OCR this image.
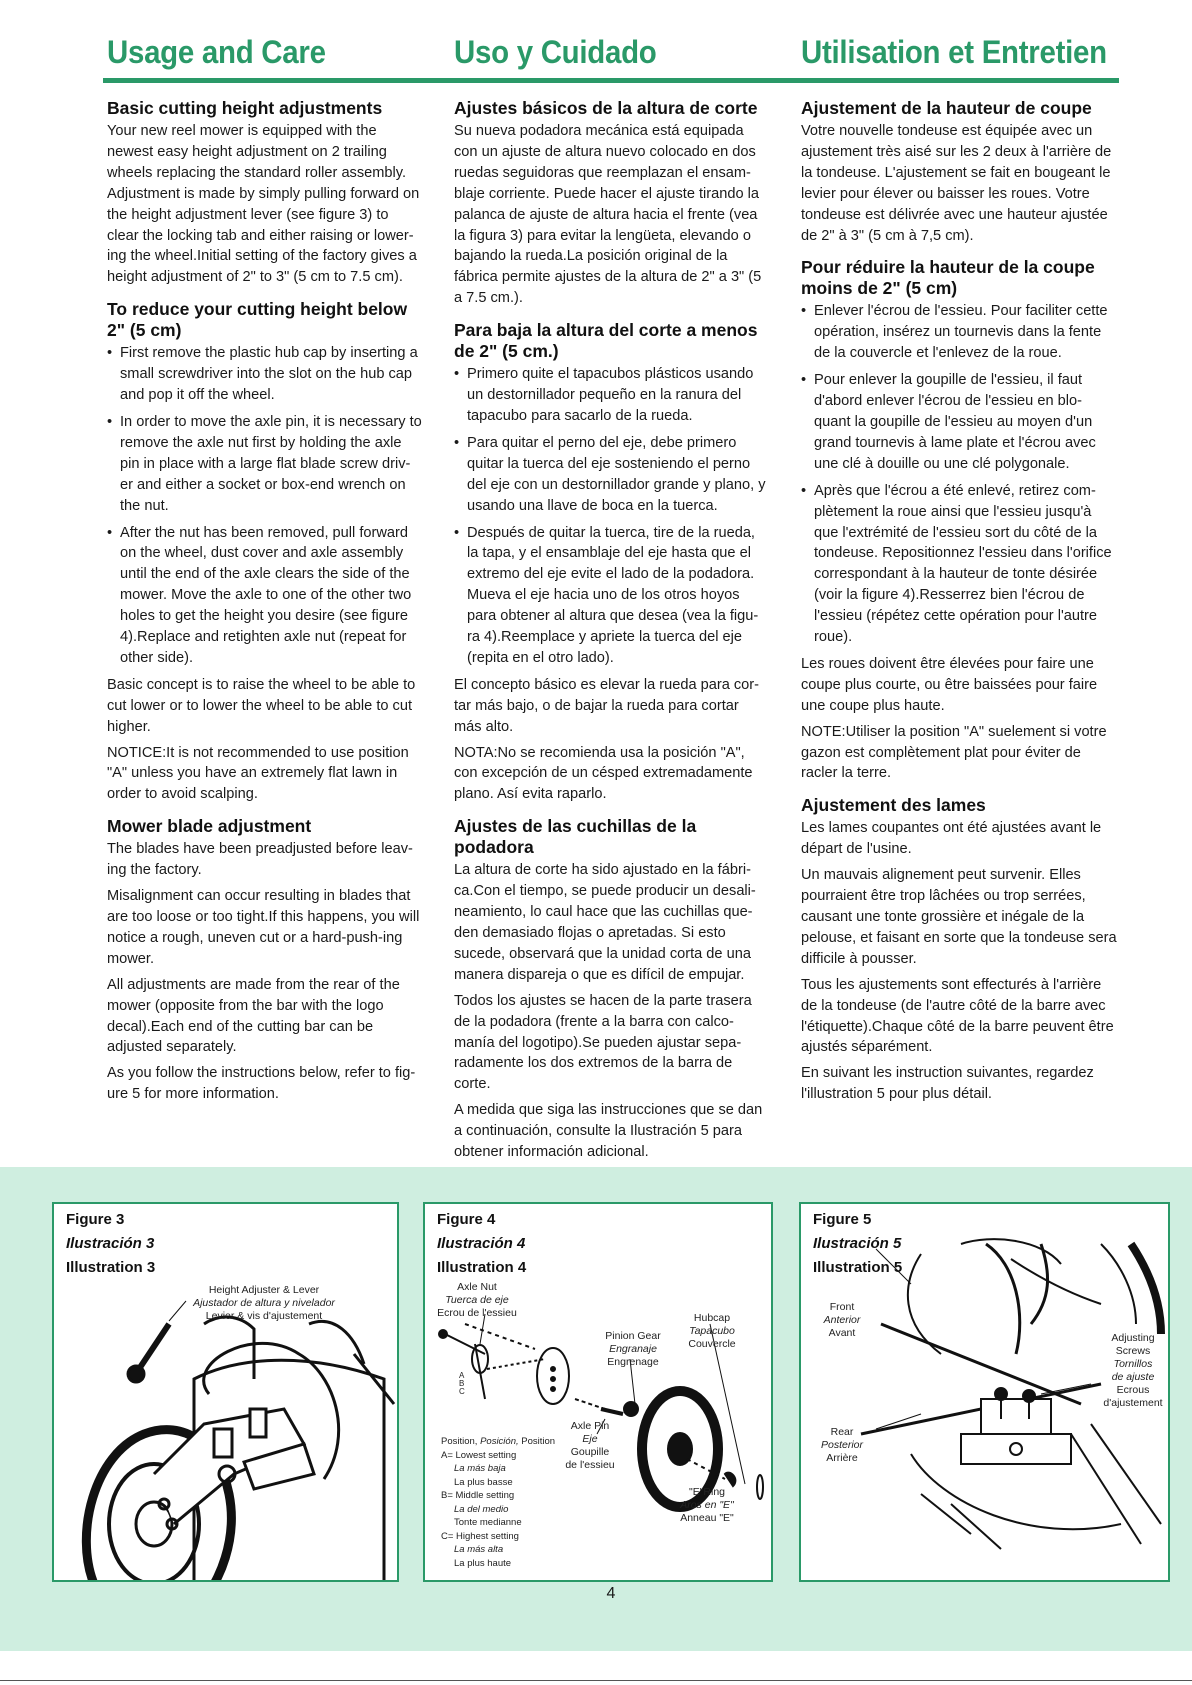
Usage and Care	Uso y Cuidado	Utilisation et Entretien
Basic cutting height adjustments

Your new reel mower is equipped with the newest easy height adjustment on 2 trailing wheels replacing the standard roller assembly. Adjustment is made by simply pulling forward on the height adjustment lever (see figure 3) to clear the locking tab and either raising or lower-ing the wheel.Initial setting of the factory gives a height adjustment of 2" to 3" (5 cm to 7.5 cm).

To reduce your cutting height below 2" (5 cm)
• First remove the plastic hub cap by inserting a small screwdriver into the slot on the hub cap and pop it off the wheel.
• In order to move the axle pin, it is necessary to remove the axle nut first by holding the axle pin in place with a large flat blade screw driv-er and either a socket or box-end wrench on the nut.
• After the nut has been removed, pull forward on the wheel, dust cover and axle assembly until the end of the axle clears the side of the mower. Move the axle to one of the other two holes to get the height you desire (see figure 4).Replace and retighten axle nut (repeat for other side).

Basic concept is to raise the wheel to be able to cut lower or to lower the wheel to be able to cut higher.

NOTICE:It is not recommended to use position "A" unless you have an extremely flat lawn in order to avoid scalping.

Mower blade adjustment

The blades have been preadjusted before leav-ing the factory.

Misalignment can occur resulting in blades that are too loose or too tight.If this happens, you will notice a rough, uneven cut or a hard-push-ing mower.

All adjustments are made from the rear of the mower (opposite from the bar with the logo decal).Each end of the cutting bar can be adjusted separately.

As you follow the instructions below, refer to fig-ure 5 for more information.

Ajustes básicos de la altura de corte

Su nueva podadora mecánica está equipada con un ajuste de altura nuevo colocado en dos ruedas seguidoras que reemplazan el ensam-blaje corriente. Puede hacer el ajuste tirando la palanca de ajuste de altura hacia el frente (vea la figura 3) para evitar la lengüeta, elevando o bajando la rueda.La posición original de la fábrica permite ajustes de la altura de 2" a 3" (5 a 7.5 cm.).

Para baja la altura del corte a menos de 2" (5 cm.)
• Primero quite el tapacubos plásticos usando un destornillador pequeño en la ranura del tapacubo para sacarlo de la rueda.
• Para quitar el perno del eje, debe primero quitar la tuerca del eje sosteniendo el perno del eje con un destornillador grande y plano, y usando una llave de boca en la tuerca.
• Después de quitar la tuerca, tire de la rueda, la tapa, y el ensamblaje del eje hasta que el extremo del eje evite el lado de la podadora. Mueva el eje hacia uno de los otros hoyos para obtener al altura que desea (vea la figu-ra 4).Reemplace y apriete la tuerca del eje (repita en el otro lado).

El concepto básico es elevar la rueda para cor-tar más bajo, o de bajar la rueda para cortar más alto.

NOTA:No se recomienda usa la posición "A", con excepción de un césped extremadamente plano. Así evita raparlo.

Ajustes de las cuchillas de la podadora

La altura de corte ha sido ajustado en la fábri-ca.Con el tiempo, se puede producir un desali-neamiento, lo caul hace que las cuchillas que-den demasiado flojas o apretadas. Si esto sucede, observará que la unidad corta de una manera dispareja o que es difícil de empujar.

Todos los ajustes se hacen de la parte trasera de la podadora (frente a la barra con calco-manía del logotipo).Se pueden ajustar sepa-radamente los dos extremos de la barra de corte.

A medida que siga las instrucciones que se dan a continuación, consulte la Ilustración 5 para obtener información adicional.

Ajustement de la hauteur de coupe

Votre nouvelle tondeuse est équipée avec un ajustement très aisé sur les 2 deux à l'arrière de la tondeuse. L'ajustement se fait en bougeant le levier pour élever ou baisser les roues. Votre tondeuse est délivrée avec une hauteur ajustée de 2" à 3" (5 cm à 7,5 cm).

Pour réduire la hauteur de la coupe moins de 2" (5 cm)
• Enlever l'écrou de l'essieu. Pour faciliter cette opération, insérez un tournevis dans la fente de la couvercle et l'enlevez de la roue.
• Pour enlever la goupille de l'essieu, il faut d'abord enlever l'écrou de l'essieu en blo-quant la goupille de l'essieu au moyen d'un grand tournevis à lame plate et l'écrou avec une clé à douille ou une clé polygonale.
• Après que l'écrou a été enlevé, retirez com-plètement la roue ainsi que l'essieu jusqu'à que l'extrémité de l'essieu sort du côté de la tondeuse. Repositionnez l'essieu dans l'orifice correspondant à la hauteur de tonte désirée (voir la figure 4).Resserrez bien l'écrou de l'essieu (répétez cette opération pour l'autre roue).

Les roues doivent être élevées pour faire une coupe plus courte, ou être baissées pour faire une coupe plus haute.

NOTE:Utiliser la position "A" suelement si votre gazon est complètement plat pour éviter de racler la terre.

Ajustement des lames

Les lames coupantes ont été ajustées avant le départ de l'usine.

Un mauvais alignement peut survenir. Elles pourraient être trop lâchées ou trop serrées, causant une tonte grossière et inégale de la pelouse, et faisant en sorte que la tondeuse sera difficile à pousser.

Tous les ajustements sont effecturés à l'arrière de la tondeuse (de l'autre côté de la barre avec l'étiquette).Chaque côté de la barre peuvent être ajustés séparément.

En suivant les instruction suivantes, regardez l'illustration 5 pour plus détail.

Figure 3
Ilustración 3
Illustration 3
Height Adjuster & Lever
Ajustador de altura y nivelador
Levier & vis d'ajustement
Figure 4
Ilustración 4
Illustration 4
Axle Nut
Tuerca de eje
Ecrou de l'essieu
Pinion Gear
Engranaje
Engrenage
Hubcap
Tapacubo
Couvercle
Axle Pin
Eje
Goupille
de l'essieu
"E"Ring
Aros en "E"
Anneau "E"
A
B
C
Position, Posición, Position
A= Lowest setting
La más baja
La plus basse
B= Middle setting
La del medio
Tonte medianne
C= Highest setting
La más alta
La plus haute
Figure 5
Ilustración 5
Illustration 5
Front
Anterior
Avant
Rear
Posterior
Arrière
Adjusting
Screws
Tornillos
de ajuste
Ecrous
d'ajustement
4
